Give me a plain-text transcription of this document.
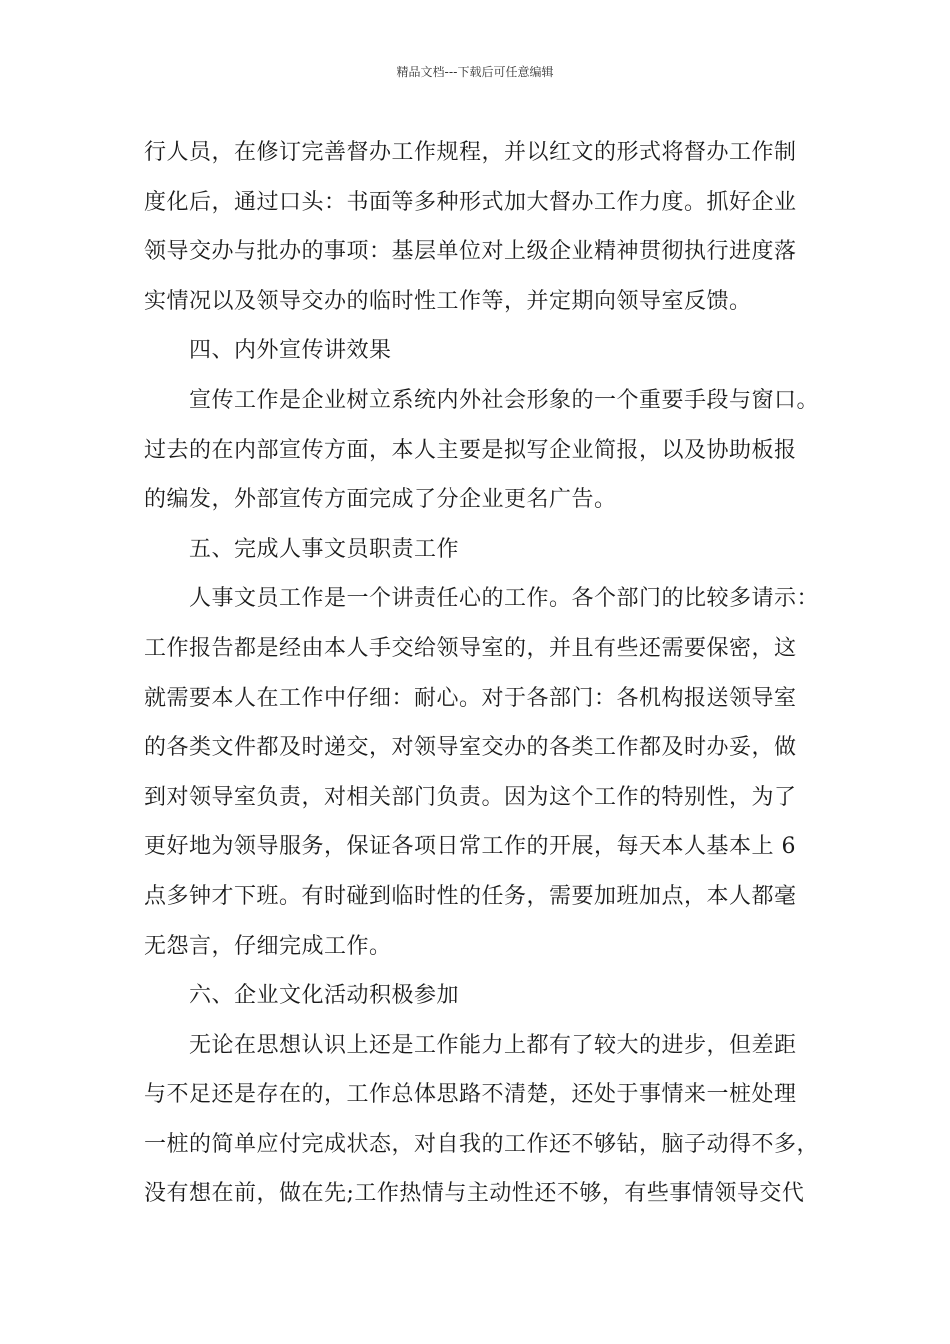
精品文档---下载后可任意编辑
行人员，在修订完善督办工作规程，并以红文的形式将督办工作制
度化后，通过口头：书面等多种形式加大督办工作力度。抓好企业
领导交办与批办的事项：基层单位对上级企业精神贯彻执行进度落
实情况以及领导交办的临时性工作等，并定期向领导室反馈。
四、内外宣传讲效果
宣传工作是企业树立系统内外社会形象的一个重要手段与窗口。
过去的在内部宣传方面，本人主要是拟写企业简报，以及协助板报
的编发，外部宣传方面完成了分企业更名广告。
五、完成人事文员职责工作
人事文员工作是一个讲责任心的工作。各个部门的比较多请示：
工作报告都是经由本人手交给领导室的，并且有些还需要保密，这
就需要本人在工作中仔细：耐心。对于各部门：各机构报送领导室
的各类文件都及时递交，对领导室交办的各类工作都及时办妥，做
到对领导室负责，对相关部门负责。因为这个工作的特别性，为了
更好地为领导服务，保证各项日常工作的开展，每天本人基本上 6
点多钟才下班。有时碰到临时性的任务，需要加班加点，本人都毫
无怨言，仔细完成工作。
六、企业文化活动积极参加
无论在思想认识上还是工作能力上都有了较大的进步，但差距
与不足还是存在的，工作总体思路不清楚，还处于事情来一桩处理
一桩的简单应付完成状态，对自我的工作还不够钻，脑子动得不多，
没有想在前，做在先;工作热情与主动性还不够，有些事情领导交代
